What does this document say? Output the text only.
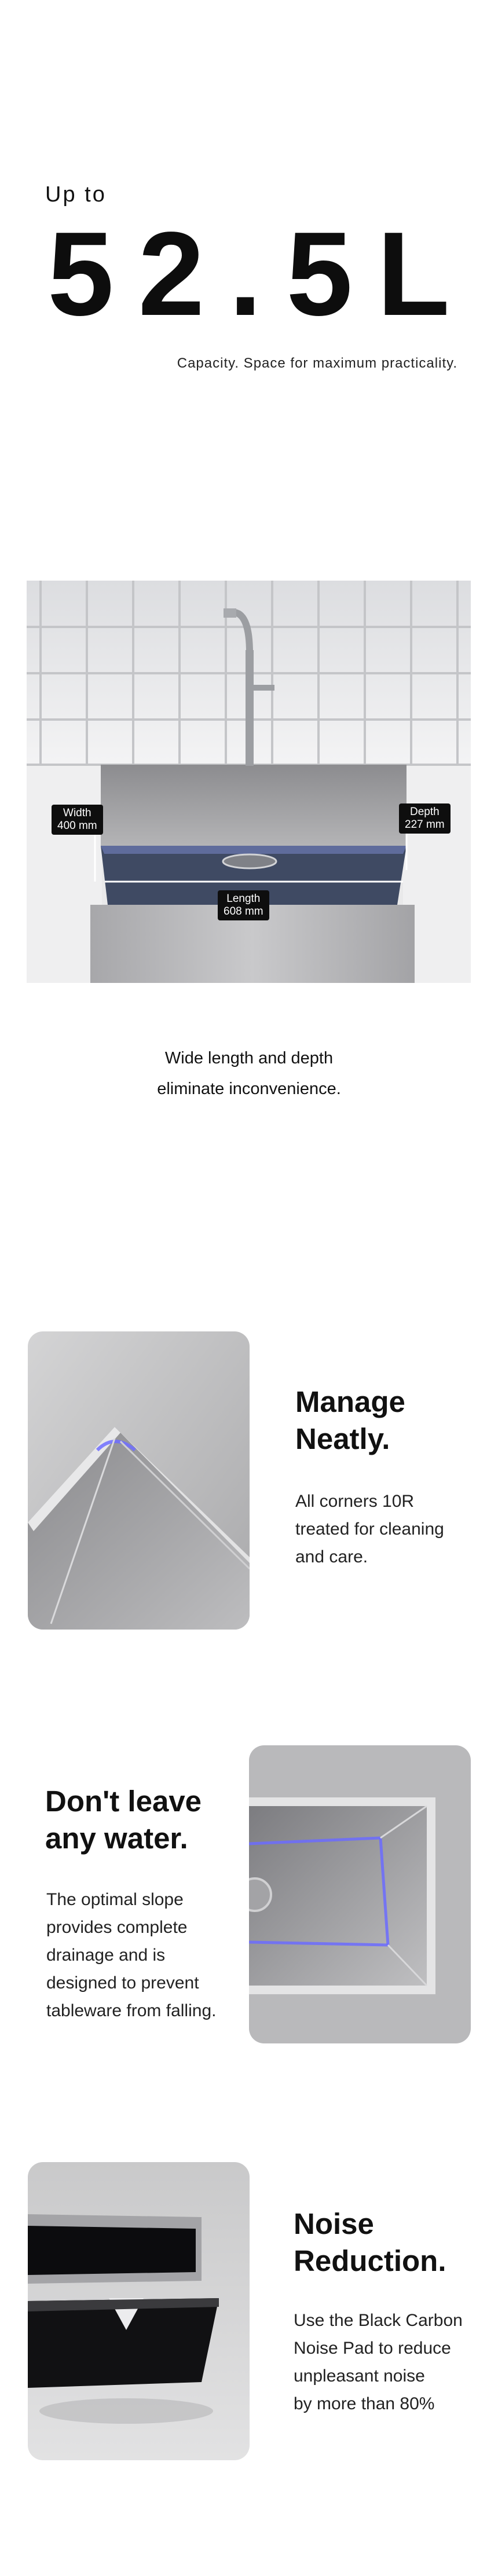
Up to
52.5L
Capacity. Space for maximum practicality.
Width
400 mm
Depth
227 mm
Length
608 mm
Wide length and depth
eliminate inconvenience.
Manage
Neatly.
All corners 10R
treated for cleaning
and care.
Don't leave
any water.
The optimal slope
provides complete
drainage and is
designed to prevent
tableware from falling.
Noise
Reduction.
Use the Black Carbon
Noise Pad to reduce
unpleasant noise
by more than 80%
